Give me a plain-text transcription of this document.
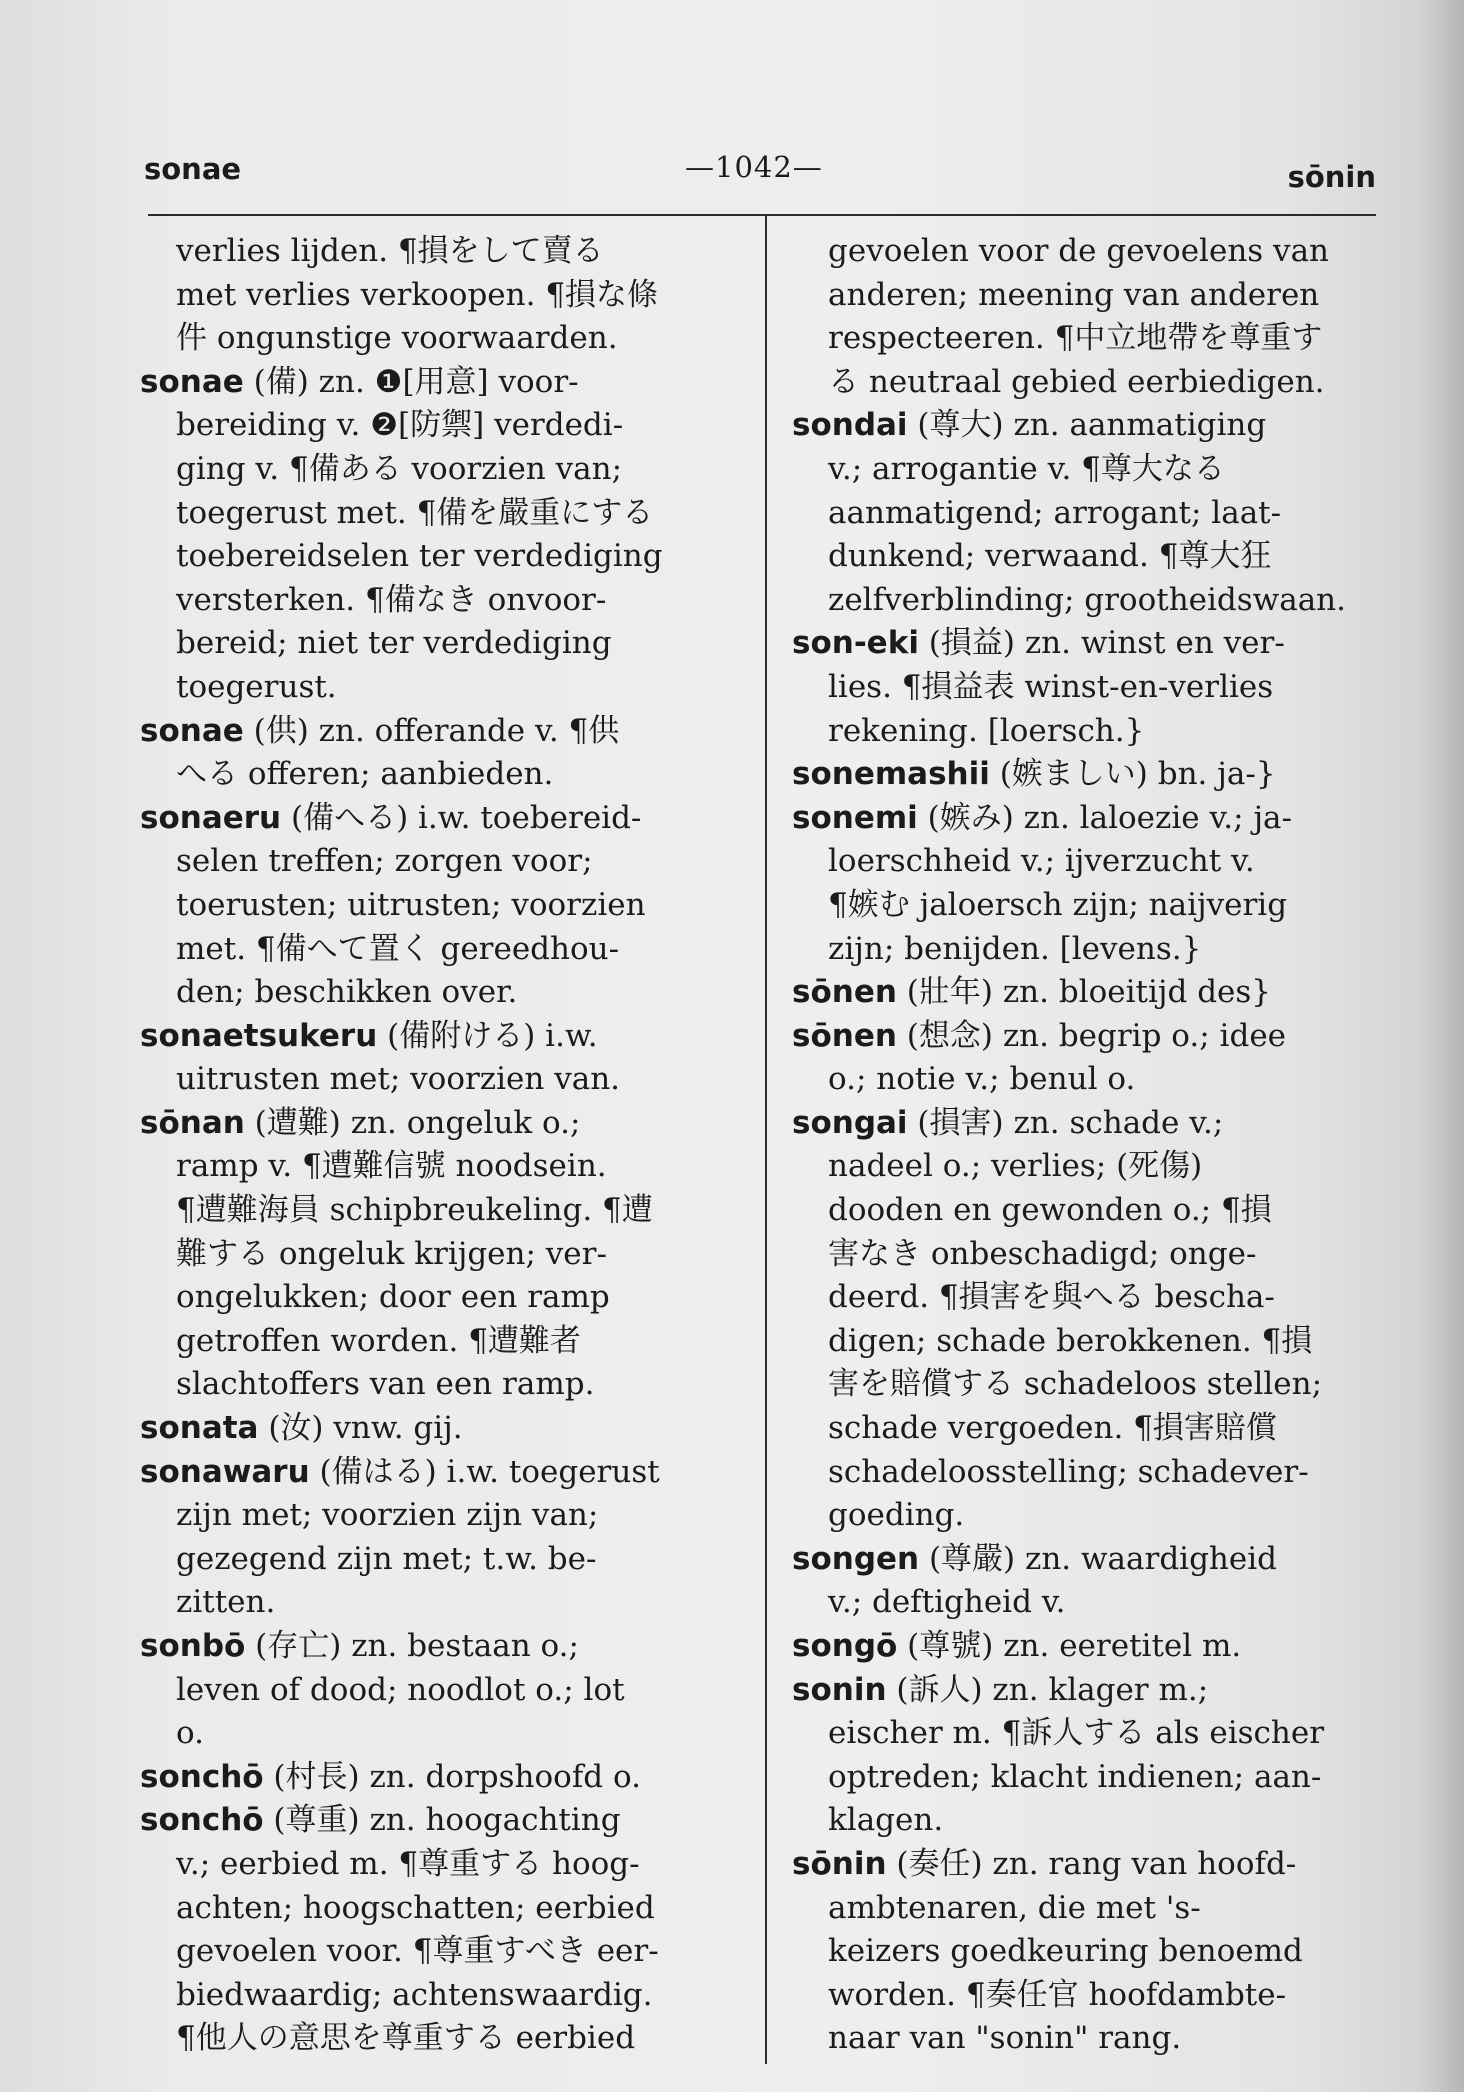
sonae	—1042—	sōnin
verlies lijden. ¶損をして賣る
met verlies verkoopen. ¶損な條
件 ongunstige voorwaarden.
sonae (備) zn. ❶[用意] voor-
bereiding v. ❷[防禦] verdedi-
ging v. ¶備ある voorzien van;
toegerust met. ¶備を嚴重にする
toebereidselen ter verdediging
versterken. ¶備なき onvoor-
bereid; niet ter verdediging
toegerust.
sonae (供) zn. offerande v. ¶供
へる offeren; aanbieden.
sonaeru (備へる) i.w. toebereid-
selen treffen; zorgen voor;
toerusten; uitrusten; voorzien
met. ¶備へて置く gereedhou-
den; beschikken over.
sonaetsukeru (備附ける) i.w.
uitrusten met; voorzien van.
sōnan (遭難) zn. ongeluk o.;
ramp v. ¶遭難信號 noodsein.
¶遭難海員 schipbreukeling. ¶遭
難する ongeluk krijgen; ver-
ongelukken; door een ramp
getroffen worden. ¶遭難者
slachtoffers van een ramp.
sonata (汝) vnw. gij.
sonawaru (備はる) i.w. toegerust
zijn met; voorzien zijn van;
gezegend zijn met; t.w. be-
zitten.
sonbō (存亡) zn. bestaan o.;
leven of dood; noodlot o.; lot
o.
sonchō (村長) zn. dorpshoofd o.
sonchō (尊重) zn. hoogachting
v.; eerbied m. ¶尊重する hoog-
achten; hoogschatten; eerbied
gevoelen voor. ¶尊重すべき eer-
biedwaardig; achtenswaardig.
¶他人の意思を尊重する eerbied
gevoelen voor de gevoelens van
anderen; meening van anderen
respecteeren. ¶中立地帶を尊重す
る neutraal gebied eerbiedigen.
sondai (尊大) zn. aanmatiging
v.; arrogantie v. ¶尊大なる
aanmatigend; arrogant; laat-
dunkend; verwaand. ¶尊大狂
zelfverblinding; grootheidswaan.
son-eki (損益) zn. winst en ver-
lies. ¶損益表 winst-en-verlies
rekening. [loersch.}
sonemashii (嫉ましい) bn. ja-}
sonemi (嫉み) zn. laloezie v.; ja-
loerschheid v.; ijverzucht v.
¶嫉む jaloersch zijn; naijverig
zijn; benijden. [levens.}
sōnen (壯年) zn. bloeitijd des}
sōnen (想念) zn. begrip o.; idee
o.; notie v.; benul o.
songai (損害) zn. schade v.;
nadeel o.; verlies; (死傷)
dooden en gewonden o.; ¶損
害なき onbeschadigd; onge-
deerd. ¶損害を與へる bescha-
digen; schade berokkenen. ¶損
害を賠償する schadeloos stellen;
schade vergoeden. ¶損害賠償
schadeloosstelling; schadever-
goeding.
songen (尊嚴) zn. waardigheid
v.; deftigheid v.
songō (尊號) zn. eeretitel m.
sonin (訴人) zn. klager m.;
eischer m. ¶訴人する als eischer
optreden; klacht indienen; aan-
klagen.
sōnin (奏任) zn. rang van hoofd-
ambtenaren, die met 's-
keizers goedkeuring benoemd
worden. ¶奏任官 hoofdambte-
naar van "sonin" rang.
